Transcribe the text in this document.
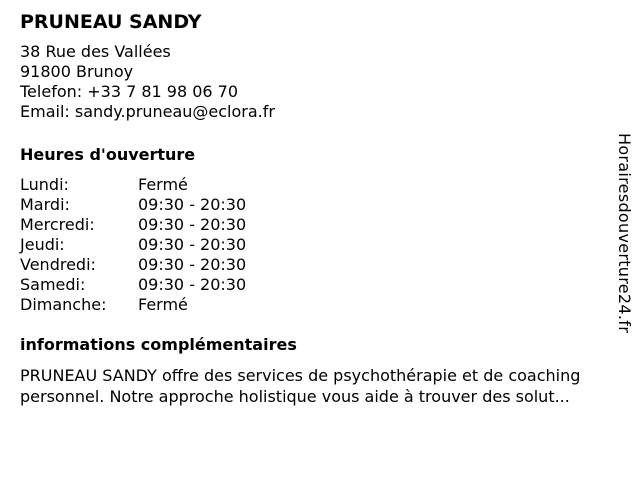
PRUNEAU SANDY
38 Rue des Vallées
91800 Brunoy
Telefon: +33 7 81 98 06 70
Email: sandy.pruneau@eclora.fr
Heures d'ouverture
Lundi:	Fermé
Mardi:	09:30 - 20:30
Mercredi:	09:30 - 20:30
Jeudi:	09:30 - 20:30
Vendredi:	09:30 - 20:30
Samedi:	09:30 - 20:30
Dimanche:	Fermé
informations complémentaires

PRUNEAU SANDY offre des services de psychothérapie et de coaching personnel. Notre approche holistique vous aide à trouver des solut...

Horairesdouverture24.fr
